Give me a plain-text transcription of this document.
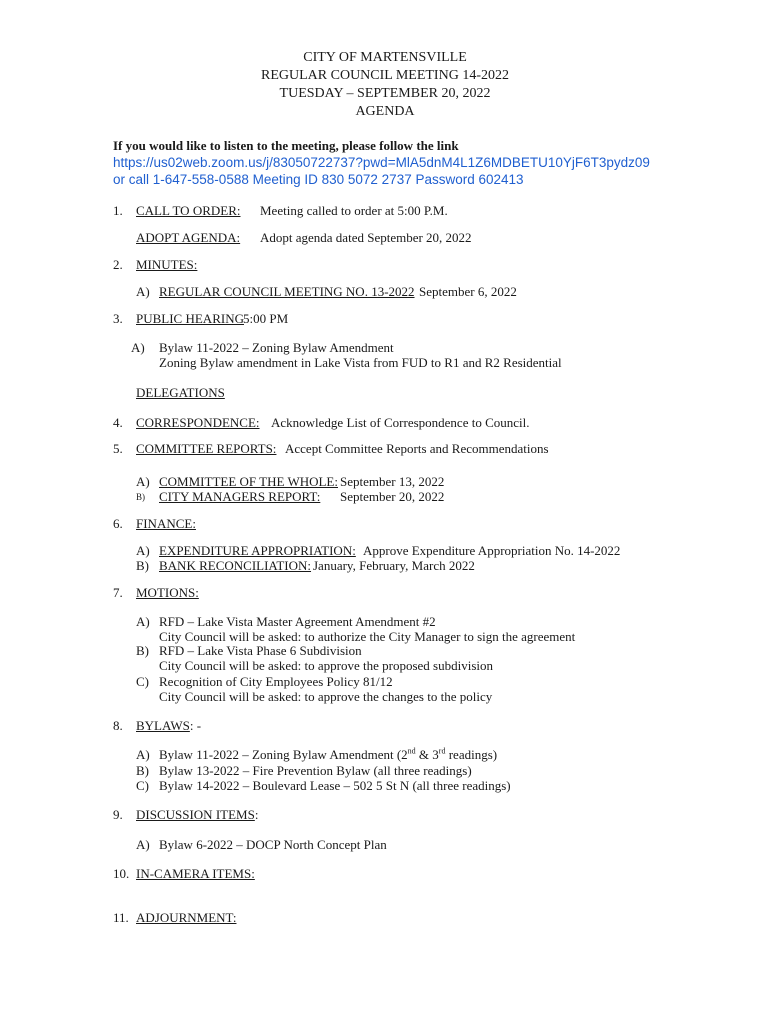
CITY OF MARTENSVILLE
REGULAR COUNCIL MEETING 14-2022
TUESDAY – SEPTEMBER 20, 2022
AGENDA
If you would like to listen to the meeting, please follow the link
https://us02web.zoom.us/j/83050722737?pwd=MlA5dnM4L1Z6MDBETU10YjF6T3pydz09
or call 1-647-558-0588 Meeting ID 830 5072 2737 Password 602413
1. CALL TO ORDER: Meeting called to order at 5:00 P.M.
ADOPT AGENDA: Adopt agenda dated September 20, 2022
2. MINUTES:
A) REGULAR COUNCIL MEETING NO. 13-2022 September 6, 2022
3. PUBLIC HEARING 5:00 PM
A) Bylaw 11-2022 – Zoning Bylaw Amendment
Zoning Bylaw amendment in Lake Vista from FUD to R1 and R2 Residential
DELEGATIONS
4. CORRESPONDENCE: Acknowledge List of Correspondence to Council.
5. COMMITTEE REPORTS: Accept Committee Reports and Recommendations
A) COMMITTEE OF THE WHOLE: September 13, 2022
B) CITY MANAGERS REPORT: September 20, 2022
6. FINANCE:
A) EXPENDITURE APPROPRIATION: Approve Expenditure Appropriation No. 14-2022
B) BANK RECONCILIATION: January, February, March 2022
7. MOTIONS:
A) RFD – Lake Vista Master Agreement Amendment #2
City Council will be asked: to authorize the City Manager to sign the agreement
B) RFD – Lake Vista Phase 6 Subdivision
City Council will be asked: to approve the proposed subdivision
C) Recognition of City Employees Policy 81/12
City Council will be asked: to approve the changes to the policy
8. BYLAWS: -
A) Bylaw 11-2022 – Zoning Bylaw Amendment (2nd & 3rd readings)
B) Bylaw 13-2022 – Fire Prevention Bylaw (all three readings)
C) Bylaw 14-2022 – Boulevard Lease – 502 5 St N (all three readings)
9. DISCUSSION ITEMS:
A) Bylaw 6-2022 – DOCP North Concept Plan
10. IN-CAMERA ITEMS:
11. ADJOURNMENT:
